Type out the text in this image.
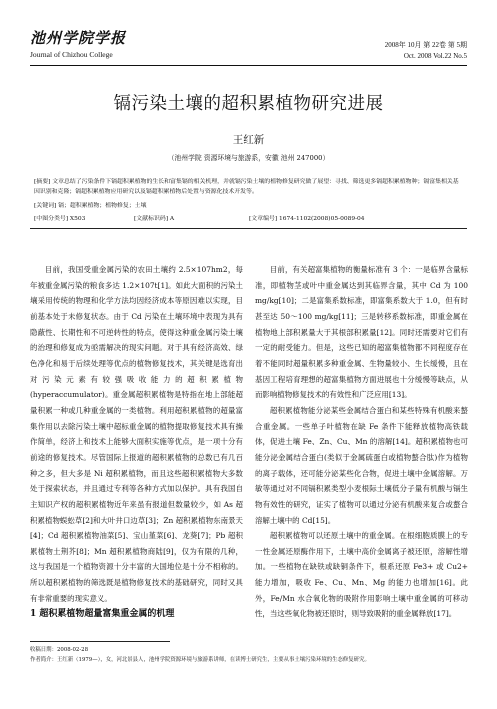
池州学院学报
Journal of Chizhou College
2008年 10月 第 22卷 第 5期
Oct. 2008 Vol.22 No.5
镉污染土壤的超积累植物研究进展
王红新
（池州学院 资源环境与旅游系，安徽 池州 247000）
[摘要] 文章总结了污染条件下镉超积累植物的生长和富集镉的相关机理，并就镉污染土壤的植物修复研究做了展望：寻找、筛选更多镉超积累植物种；镉富集相关基因识别和克隆；镉超积累植物应用研究以及镉超积累植物后处置与资源化技术开发等。
[关键词] 镉；超积累植物；植物修复；土壤
[中图分类号] X503	[文献标识码] A	[文章编号] 1674-1102(2008)05-0089-04

目前，我国受重金属污染的农田土壤约 2.5×107hm2，每年被重金属污染的粮食多达 1.2×107t[1]。如此大面积的污染土壤采用传统的物理和化学方法均因经济成本等原因难以实现，目前基本处于未修复状态。由于 Cd 污染在土壤环境中表现为具有隐蔽性、长期性和不可逆转性的特点，使得这种重金属污染土壤的治理和修复成为亟需解决的现实问题。对于具有经济高效、绿色净化和易于后续处理等优点的植物修复技术，其关键是选育出对污染元素有较强吸收能力的超积累植物(hyperaccumulator)。重金属超积累植物是特指在地上部能超量积累一种或几种重金属的一类植物。利用超积累植物的超量富集作用以去除污染土壤中超标重金属的植物提取修复技术具有操作简单，经济上和技术上能够大面积实施等优点，是一项十分有前途的修复技术。尽管国际上报道的超积累植物的总数已有几百种之多，但大多是 Ni 超积累植物，而且这些超积累植物大多数处于探索状态，并且通过专利等各种方式加以保护。具有我国自主知识产权的超积累植物近年来虽有报道但数量较少，如 As 超积累植物蜈蚣草[2]和大叶井口边草[3]；Zn 超积累植物东南景天[4]；Cd 超积累植物油菜[5]、宝山堇菜[6]、龙葵[7]；Pb 超积累植物土荆芥[8]；Mn 超积累植物商陆[9]，仅为有限的几种，这与我国是一个植物资源十分丰富的大国地位是十分不相称的。所以超积累植物的筛选既是植物修复技术的基础研究，同时又具有非常重要的现实意义。

1 超积累植物超量富集重金属的机理

目前，有关超富集植物的衡量标准有 3 个：一是临界含量标准，即植物茎或叶中重金属达到其临界含量，其中 Cd 为 100 mg/kg[10]；二是富集系数标准，即富集系数大于 1.0，但有时甚至达 50～100 mg/kg[11]；三是转移系数标准，即重金属在植物地上部积累量大于其根部积累量[12]。同时还需要对它们有一定的耐受能力。但是，这些已知的超富集植物都不同程度存在着不能同时超量积累多种重金属、生物量较小、生长缓慢，且在基因工程培育理想的超富集植物方面进展也十分缓慢等缺点，从而影响植物修复技术的有效性和广泛应用[13]。

超积累植物能分泌某些金属结合蛋白和某些特殊有机酸来螯合重金属。一些单子叶植物在缺 Fe 条件下能释放植物高铁载体，促进土壤 Fe、Zn、Cu、Mn 的溶解[14]。超积累植物也可能分泌金属结合蛋白(类似于金属硫蛋白或植物螯合肽)作为植物的离子载体，还可能分泌某些化合物，促进土壤中金属溶解。万敏等通过对不同镉积累类型小麦根际土壤低分子量有机酸与镉生物有效性的研究，证实了植物可以通过分泌有机酸来复合或螯合溶解土壤中的 Cd[15]。

超积累植物可以还原土壤中的重金属。在根细胞质膜上的专一性金属还原酶作用下，土壤中高价金属离子被还原，溶解性增加。一些植物在缺铁或缺铜条件下，根系还原 Fe3+ 或 Cu2+ 能力增加，吸收 Fe、Cu、Mn、Mg 的能力也增加[16]。此外，Fe/Mn 水合氧化物的吸附作用影响土壤中重金属的可移动性，当这些氧化物被还原时，则导致吸附的重金属释放[17]。

收稿日期：2008-02-28
作者简介：王红新（1979—），女，河北景县人，池州学院资源环境与旅游系讲师，在读博士研究生，主要从事土壤污染环境的生态修复研究。
